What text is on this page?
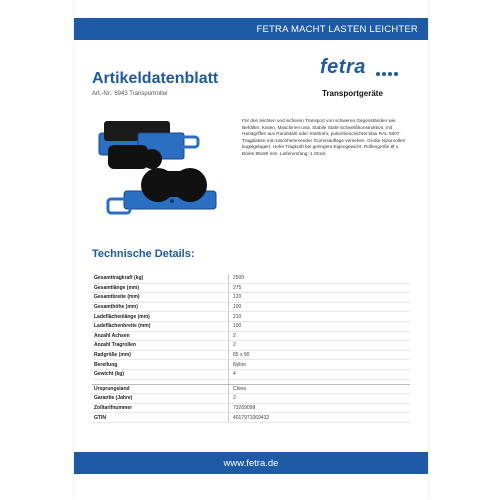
FETRA MACHT LASTEN LEICHTER
Artikeldatenblatt
Art.-Nr.: 6943 Transportroller
fetra
Transportgeräte
Für den leichten und sicheren Transport von schweren Gegenständen wie Behälter, Kisten, Maschinen usw. Stabile Stahl-Schweißkonstruktion, mit Handgriffen aus Rundstahl oder Stahlrohr, pulverbeschichtet blau RAL 5007. Tragplatten mit rutschhemmender Gummiauflage versehen. Große Nylonrollen kugelgelagert. Hohe Tragkraft bei geringem Eigengewicht. Rollengröße Ø x Breite 85x90 mm. Lieferumfang: 1 Stück
Technische Details:
Gesamttragkraft (kg)	2500
Gesamtlänge (mm)	275
Gesamtbreite (mm)	120
Gesamthöhe (mm)	100
Ladeflächenlänge (mm)	210
Ladeflächenbreite (mm)	100
Anzahl Achsen	2
Anzahl Tragrollen	2
Radgröße (mm)	85 x 90
Bereifung	Nylon
Gewicht (kg)	4

Ursprungsland	China
Garantie (Jahre)	2
Zolltarifnummer	73269098
GTIN	4017971069432
www.fetra.de
